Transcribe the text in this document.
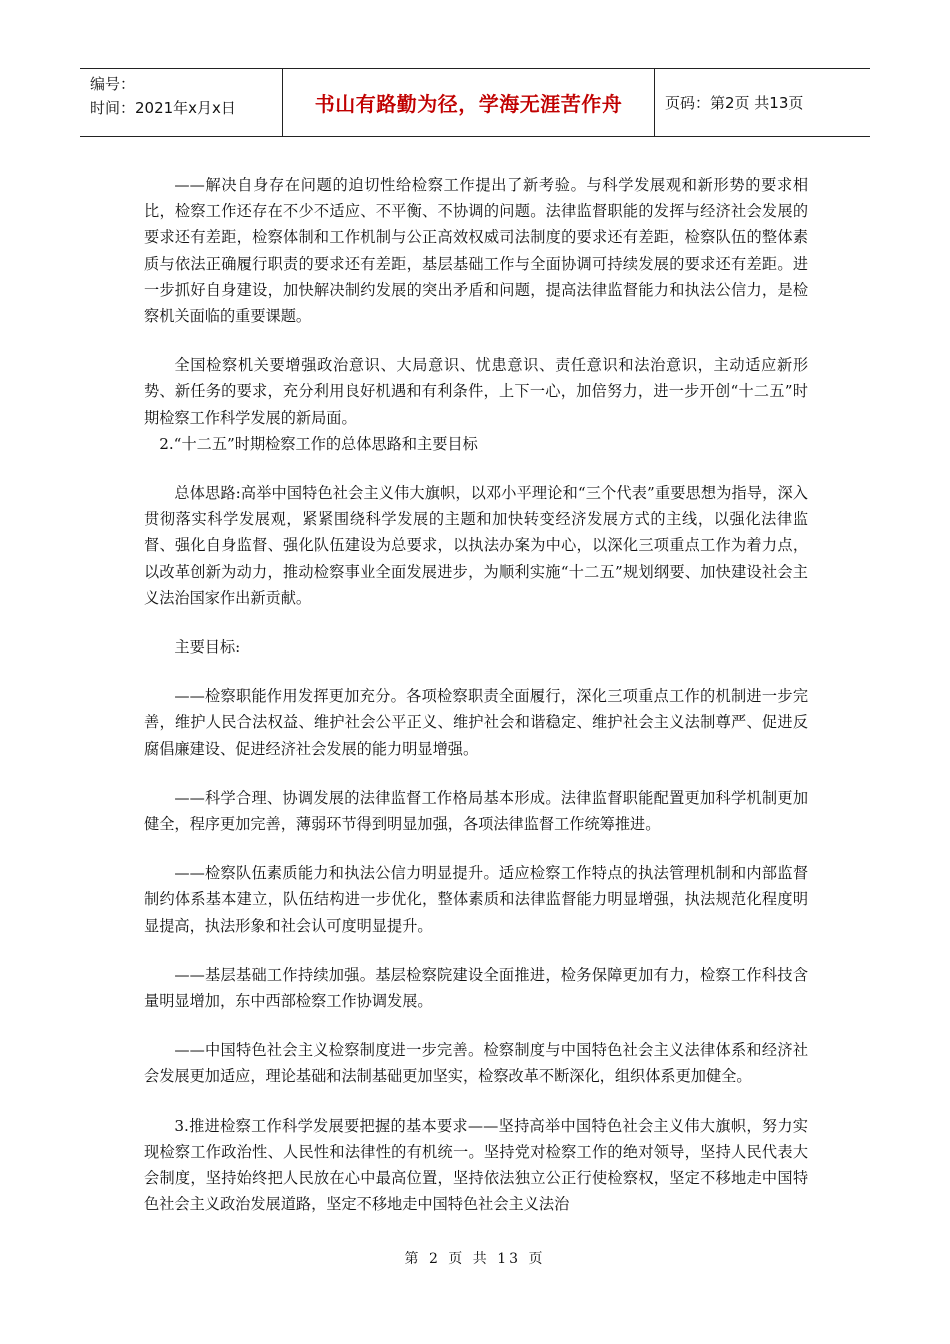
编号：
时间：2021年x月x日	书山有路勤为径，学海无涯苦作舟	页码：第2页 共13页

——解决自身存在问题的迫切性给检察工作提出了新考验。与科学发展观和新形势的要求相比，检察工作还存在不少不适应、不平衡、不协调的问题。法律监督职能的发挥与经济社会发展的要求还有差距，检察体制和工作机制与公正高效权威司法制度的要求还有差距，检察队伍的整体素质与依法正确履行职责的要求还有差距，基层基础工作与全面协调可持续发展的要求还有差距。进一步抓好自身建设，加快解决制约发展的突出矛盾和问题，提高法律监督能力和执法公信力，是检察机关面临的重要课题。

全国检察机关要增强政治意识、大局意识、忧患意识、责任意识和法治意识，主动适应新形势、新任务的要求，充分利用良好机遇和有利条件，上下一心，加倍努力，进一步开创“十二五”时期检察工作科学发展的新局面。

2.“十二五”时期检察工作的总体思路和主要目标

总体思路:高举中国特色社会主义伟大旗帜，以邓小平理论和“三个代表”重要思想为指导，深入贯彻落实科学发展观，紧紧围绕科学发展的主题和加快转变经济发展方式的主线，以强化法律监督、强化自身监督、强化队伍建设为总要求，以执法办案为中心，以深化三项重点工作为着力点，以改革创新为动力，推动检察事业全面发展进步，为顺利实施“十二五”规划纲要、加快建设社会主义法治国家作出新贡献。

主要目标:

——检察职能作用发挥更加充分。各项检察职责全面履行，深化三项重点工作的机制进一步完善，维护人民合法权益、维护社会公平正义、维护社会和谐稳定、维护社会主义法制尊严、促进反腐倡廉建设、促进经济社会发展的能力明显增强。

——科学合理、协调发展的法律监督工作格局基本形成。法律监督职能配置更加科学机制更加健全，程序更加完善，薄弱环节得到明显加强，各项法律监督工作统筹推进。

——检察队伍素质能力和执法公信力明显提升。适应检察工作特点的执法管理机制和内部监督制约体系基本建立，队伍结构进一步优化，整体素质和法律监督能力明显增强，执法规范化程度明显提高，执法形象和社会认可度明显提升。

——基层基础工作持续加强。基层检察院建设全面推进，检务保障更加有力，检察工作科技含量明显增加，东中西部检察工作协调发展。

——中国特色社会主义检察制度进一步完善。检察制度与中国特色社会主义法律体系和经济社会发展更加适应，理论基础和法制基础更加坚实，检察改革不断深化，组织体系更加健全。

3.推进检察工作科学发展要把握的基本要求——坚持高举中国特色社会主义伟大旗帜，努力实现检察工作政治性、人民性和法律性的有机统一。坚持党对检察工作的绝对领导，坚持人民代表大会制度，坚持始终把人民放在心中最高位置，坚持依法独立公正行使检察权，坚定不移地走中国特色社会主义政治发展道路，坚定不移地走中国特色社会主义法治

第 2 页 共 13 页
